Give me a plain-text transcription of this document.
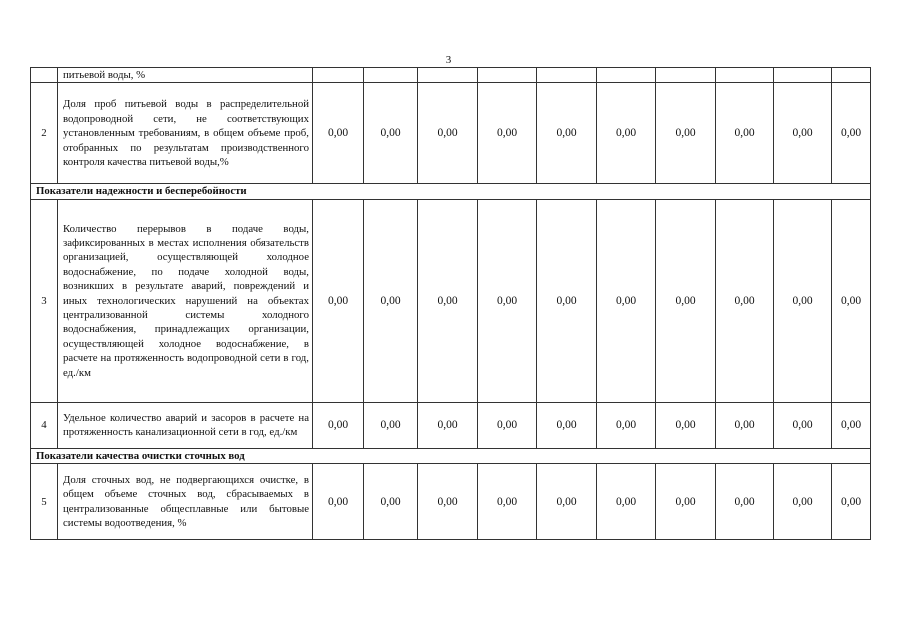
3
	питьевой воды, %										
2	Доля проб питьевой воды в распределительной водопроводной сети, не соответствующих установленным требованиям, в общем объеме проб, отобранных по результатам производственного контроля качества питьевой воды,%	0,00	0,00	0,00	0,00	0,00	0,00	0,00	0,00	0,00	0,00
Показатели надежности и бесперебойности											
3	Количество перерывов в подаче воды, зафиксированных в местах исполнения обязательств организацией, осуществляющей холодное водоснабжение, по подаче холодной воды, возникших в результате аварий, повреждений и иных технологических нарушений на объектах централизованной системы холодного водоснабжения, принадлежащих организации, осуществляющей холодное водоснабжение, в расчете на протяженность водопроводной сети в год, ед./км	0,00	0,00	0,00	0,00	0,00	0,00	0,00	0,00	0,00	0,00
4	Удельное количество аварий и засоров в расчете на протяженность канализационной сети в год, ед./км	0,00	0,00	0,00	0,00	0,00	0,00	0,00	0,00	0,00	0,00
Показатели качества очистки сточных вод											
5	Доля сточных вод, не подвергающихся очистке, в общем объеме сточных вод, сбрасываемых в централизованные общесплавные или бытовые системы водоотведения, %	0,00	0,00	0,00	0,00	0,00	0,00	0,00	0,00	0,00	0,00
